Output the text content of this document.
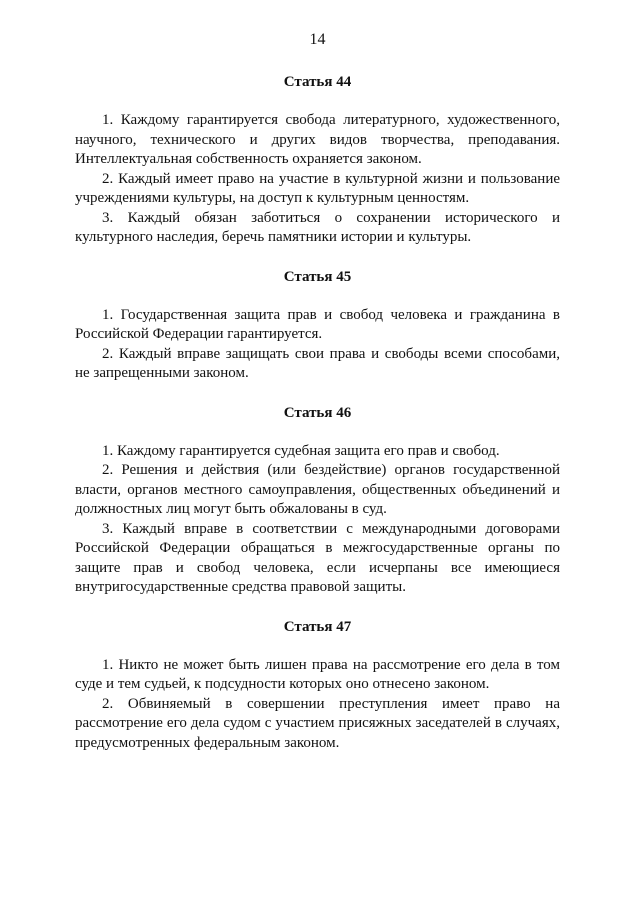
14
Статья 44

1. Каждому гарантируется свобода литературного, художественного, научного, технического и других видов творчества, преподавания. Интеллектуальная собственность охраняется законом.

2. Каждый имеет право на участие в культурной жизни и пользование учреждениями культуры, на доступ к культурным ценностям.

3. Каждый обязан заботиться о сохранении исторического и культурного наследия, беречь памятники истории и культуры.

Статья 45

1. Государственная защита прав и свобод человека и гражданина в Российской Федерации гарантируется.

2. Каждый вправе защищать свои права и свободы всеми способами, не запрещенными законом.

Статья 46

1. Каждому гарантируется судебная защита его прав и свобод.

2. Решения и действия (или бездействие) органов государственной власти, органов местного самоуправления, общественных объединений и должностных лиц могут быть обжалованы в суд.

3. Каждый вправе в соответствии с международными договорами Российской Федерации обращаться в межгосударственные органы по защите прав и свобод человека, если исчерпаны все имеющиеся внутригосударственные средства правовой защиты.

Статья 47

1. Никто не может быть лишен права на рассмотрение его дела в том суде и тем судьей, к подсудности которых оно отнесено законом.

2. Обвиняемый в совершении преступления имеет право на рассмотрение его дела судом с участием присяжных заседателей в случаях, предусмотренных федеральным законом.
